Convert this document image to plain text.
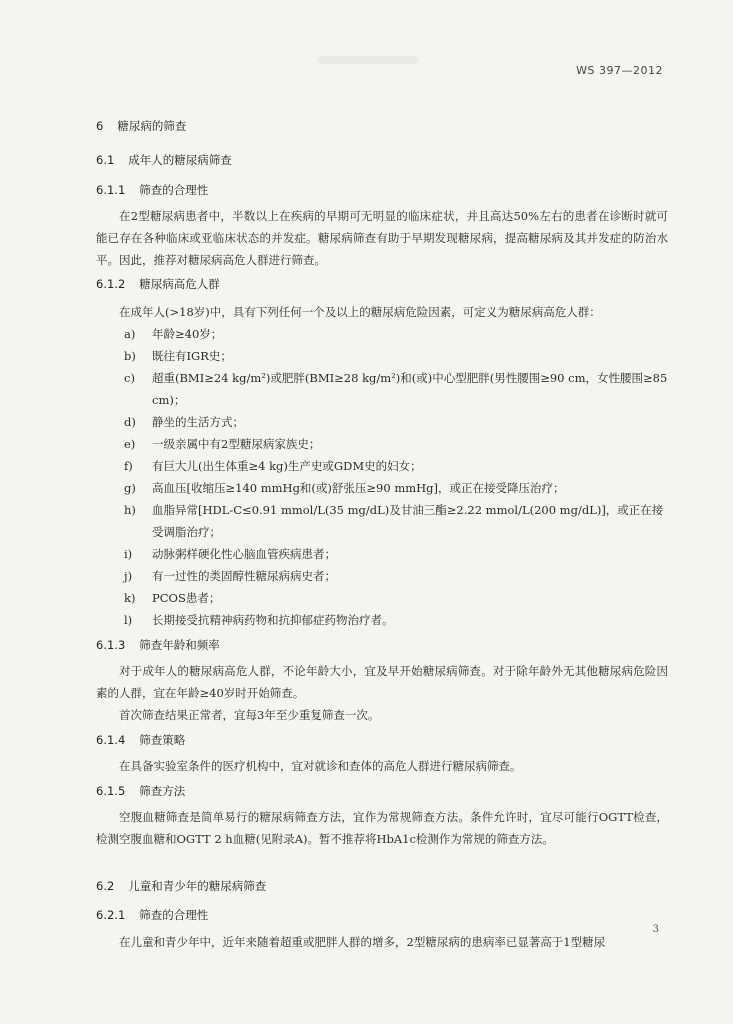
WS 397—2012
6 糖尿病的筛查
6.1 成年人的糖尿病筛查
6.1.1 筛查的合理性
在2型糖尿病患者中，半数以上在疾病的早期可无明显的临床症状，并且高达50%左右的患者在诊断时就可能已存在各种临床或亚临床状态的并发症。糖尿病筛查有助于早期发现糖尿病，提高糖尿病及其并发症的防治水平。因此，推荐对糖尿病高危人群进行筛查。
6.1.2 糖尿病高危人群
在成年人(>18岁)中，具有下列任何一个及以上的糖尿病危险因素，可定义为糖尿病高危人群：
a)	年龄≥40岁；
b)	既往有IGR史；
c)	超重(BMI≥24 kg/m²)或肥胖(BMI≥28 kg/m²)和(或)中心型肥胖(男性腰围≥90 cm，女性腰围≥85 cm)；
d)	静坐的生活方式；
e)	一级亲属中有2型糖尿病家族史；
f)	有巨大儿(出生体重≥4 kg)生产史或GDM史的妇女；
g)	高血压[收缩压≥140 mmHg和(或)舒张压≥90 mmHg]，或正在接受降压治疗；
h)	血脂异常[HDL-C≤0.91 mmol/L(35 mg/dL)及甘油三酯≥2.22 mmol/L(200 mg/dL)]，或正在接受调脂治疗；
i)	动脉粥样硬化性心脑血管疾病患者；
j)	有一过性的类固醇性糖尿病病史者；
k)	PCOS患者；
l)	长期接受抗精神病药物和抗抑郁症药物治疗者。
6.1.3 筛查年龄和频率
对于成年人的糖尿病高危人群，不论年龄大小，宜及早开始糖尿病筛查。对于除年龄外无其他糖尿病危险因素的人群，宜在年龄≥40岁时开始筛查。
首次筛查结果正常者，宜每3年至少重复筛查一次。
6.1.4 筛查策略
在具备实验室条件的医疗机构中，宜对就诊和查体的高危人群进行糖尿病筛查。
6.1.5 筛查方法
空腹血糖筛查是简单易行的糖尿病筛查方法，宜作为常规筛查方法。条件允许时，宜尽可能行OGTT检查，检测空腹血糖和OGTT 2 h血糖(见附录A)。暂不推荐将HbA1c检测作为常规的筛查方法。
6.2 儿童和青少年的糖尿病筛查
6.2.1 筛查的合理性
在儿童和青少年中，近年来随着超重或肥胖人群的增多，2型糖尿病的患病率已显著高于1型糖尿
3
